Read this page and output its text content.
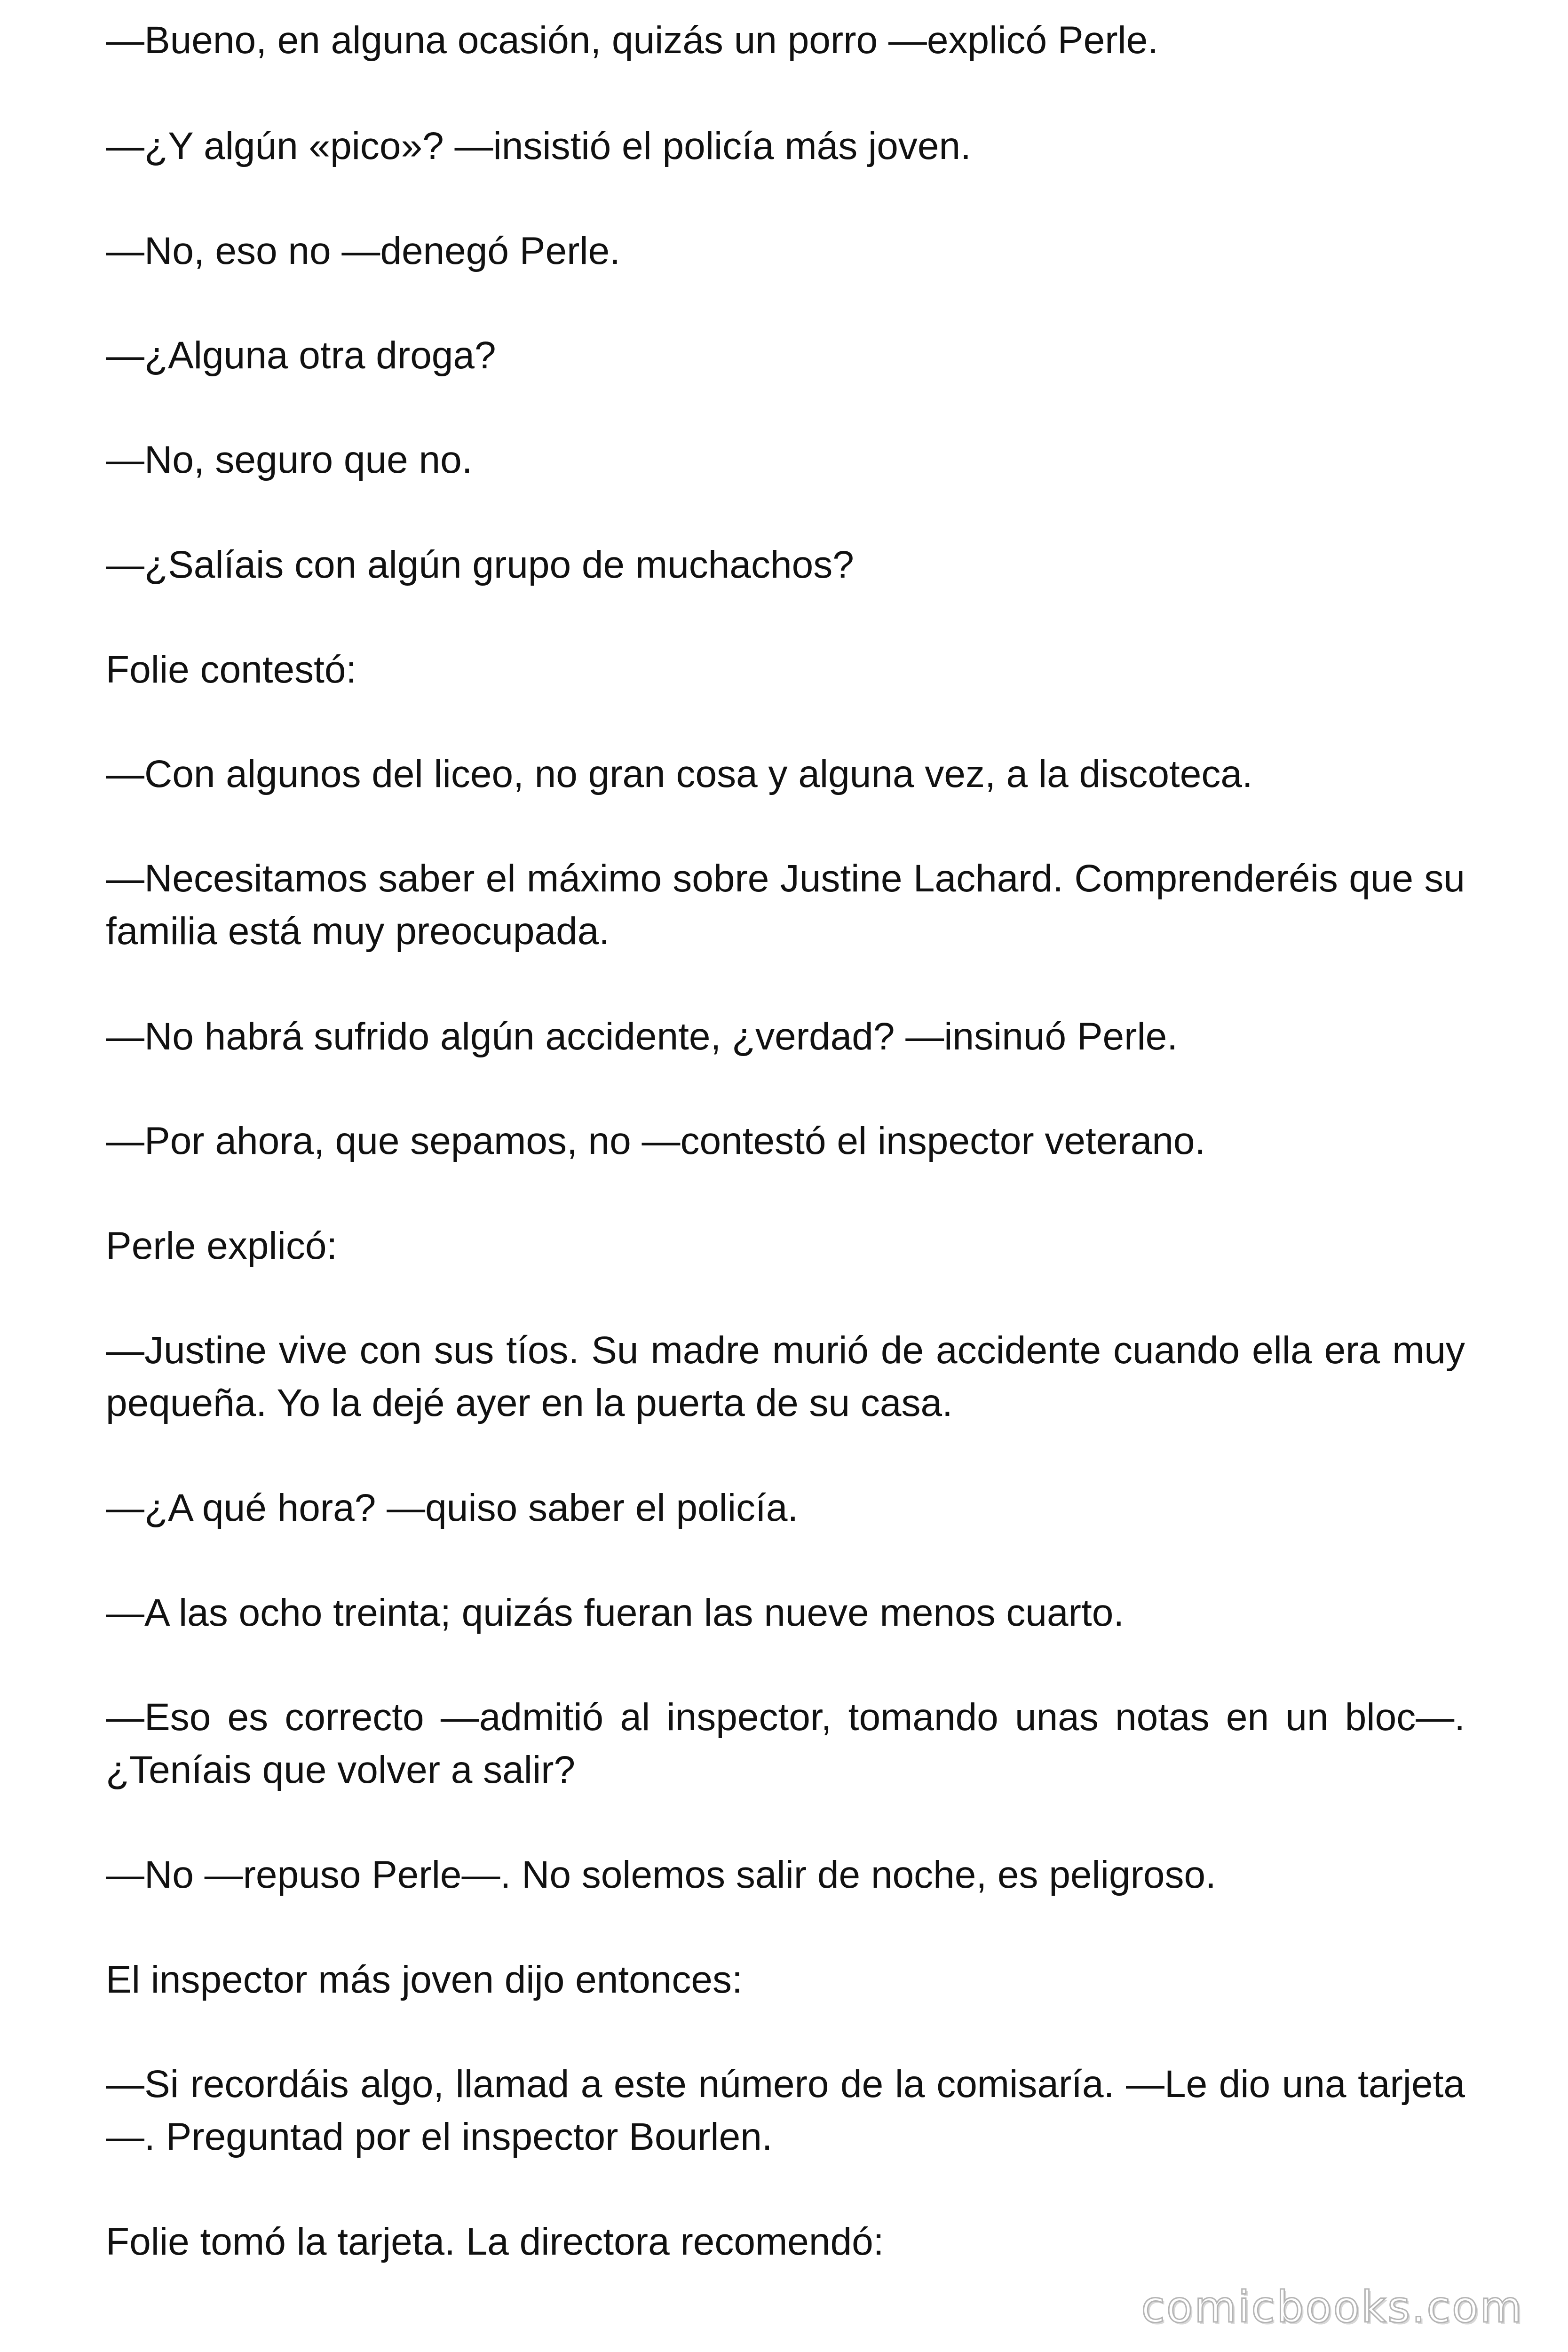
—Bueno, en alguna ocasión, quizás un porro —explicó Perle.

—¿Y algún «pico»? —insistió el policía más joven.

—No, eso no —denegó Perle.

—¿Alguna otra droga?

—No, seguro que no.

—¿Salíais con algún grupo de muchachos?

Folie contestó:

—Con algunos del liceo, no gran cosa y alguna vez, a la discoteca.

—Necesitamos saber el máximo sobre Justine Lachard. Comprenderéis que su familia está muy preocupada.

—No habrá sufrido algún accidente, ¿verdad? —insinuó Perle.

—Por ahora, que sepamos, no —contestó el inspector veterano.

Perle explicó:

—Justine vive con sus tíos. Su madre murió de accidente cuando ella era muy pequeña. Yo la dejé ayer en la puerta de su casa.

—¿A qué hora? —quiso saber el policía.

—A las ocho treinta; quizás fueran las nueve menos cuarto.

—Eso es correcto —admitió al inspector, tomando unas notas en un bloc—. ¿Teníais que volver a salir?

—No —repuso Perle—. No solemos salir de noche, es peligroso.

El inspector más joven dijo entonces:

—Si recordáis algo, llamad a este número de la comisaría. —Le dio una tarjeta—. Preguntad por el inspector Bourlen.

Folie tomó la tarjeta. La directora recomendó:

comicbooks.com
